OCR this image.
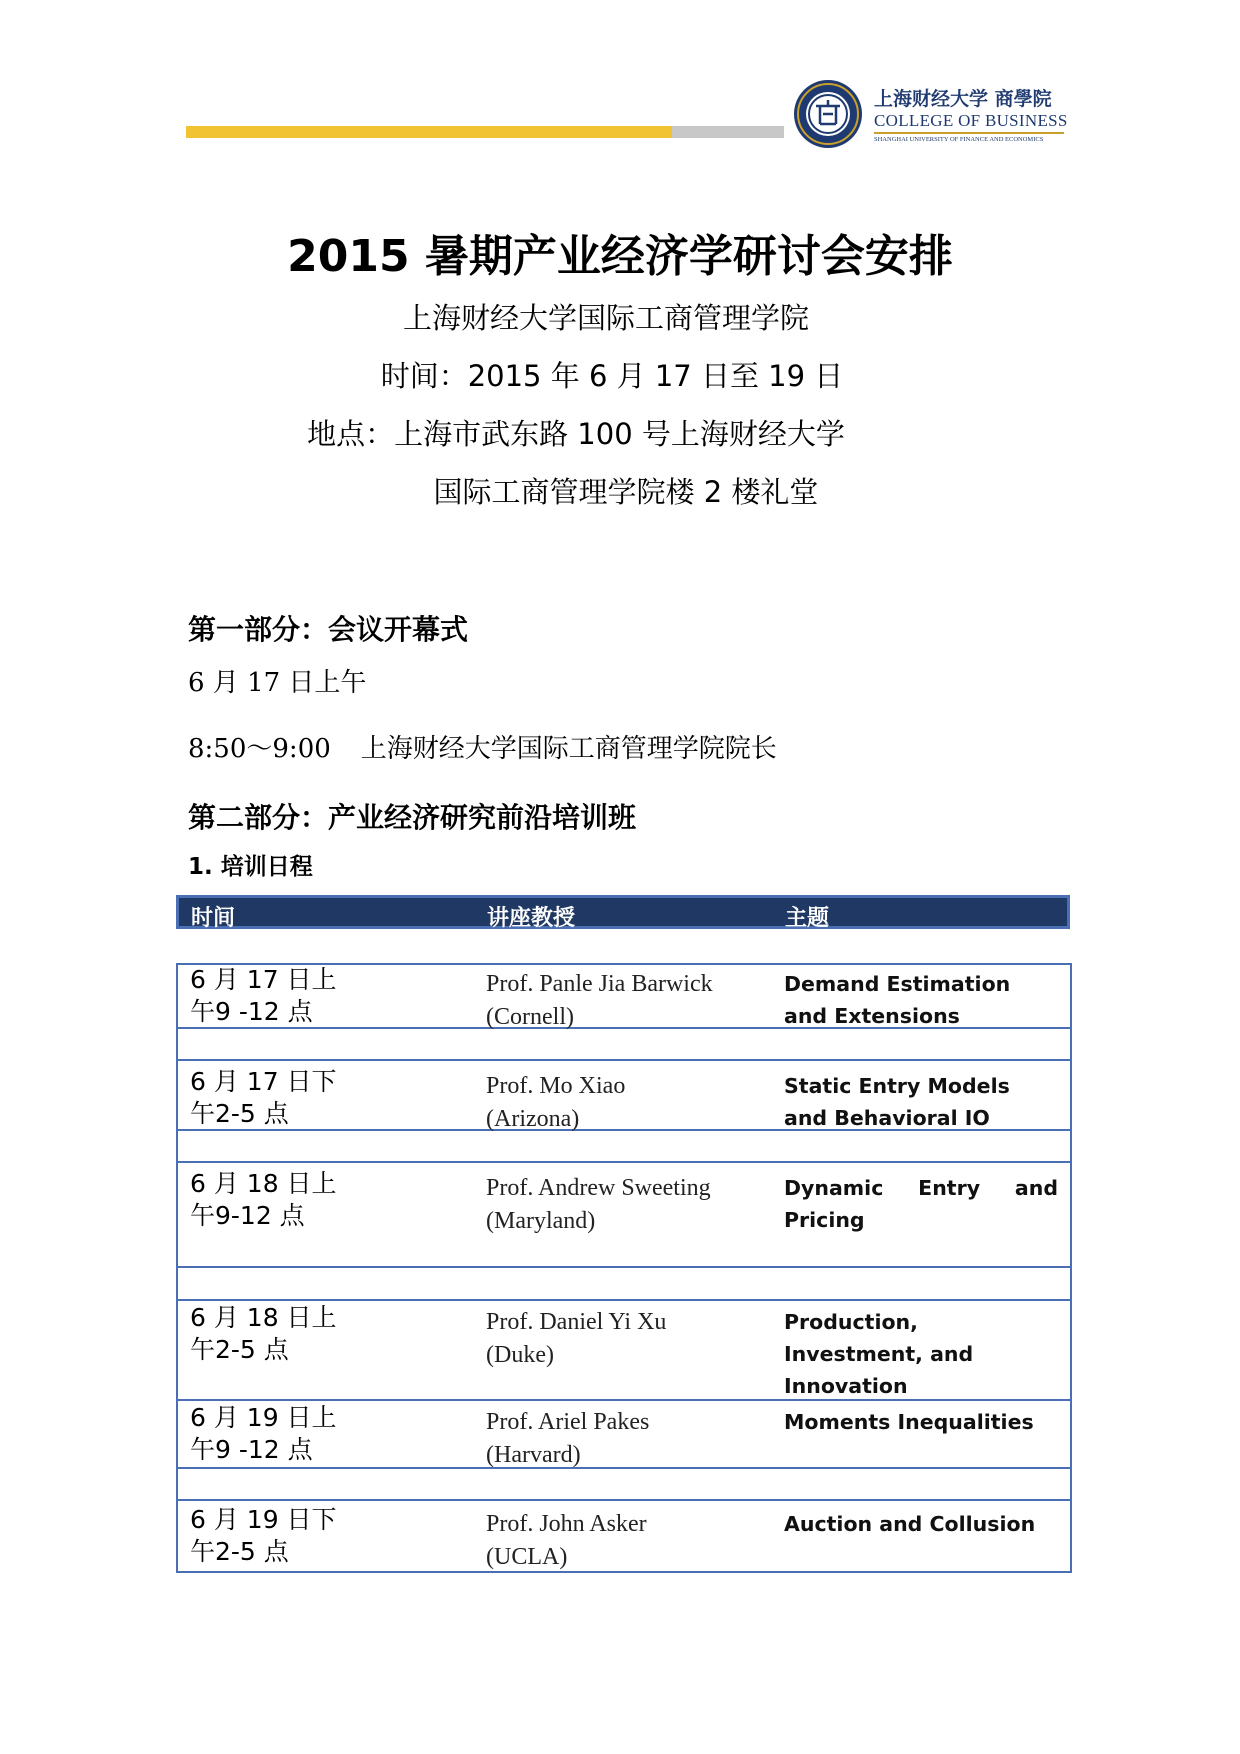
上海财经大学 商學院
COLLEGE OF BUSINESS
SHANGHAI UNIVERSITY OF FINANCE AND ECONOMICS
2015 暑期产业经济学研讨会安排
上海财经大学国际工商管理学院
时间：2015 年 6 月 17 日至 19 日
地点：上海市武东路 100 号上海财经大学
国际工商管理学院楼 2 楼礼堂
第一部分：会议开幕式
6 月 17 日上午
8:50～9:00 上海财经大学国际工商管理学院院长
第二部分：产业经济研究前沿培训班
1. 培训日程
时间	讲座教授	主题
6 月 17 日上
午9 -12 点
Prof. Panle Jia Barwick
(Cornell)
Demand Estimation and Extensions
6 月 17 日下
午2-5 点
Prof. Mo Xiao
(Arizona)
Static Entry Models and Behavioral IO
6 月 18 日上
午9-12 点
Prof. Andrew Sweeting
(Maryland)
Dynamic Entry and Pricing
6 月 18 日上
午2-5 点
Prof. Daniel Yi Xu
(Duke)
Production, Investment, and Innovation
6 月 19 日上
午9 -12 点
Prof. Ariel Pakes
(Harvard)
Moments Inequalities
6 月 19 日下
午2-5 点
Prof. John Asker
(UCLA)
Auction and Collusion
